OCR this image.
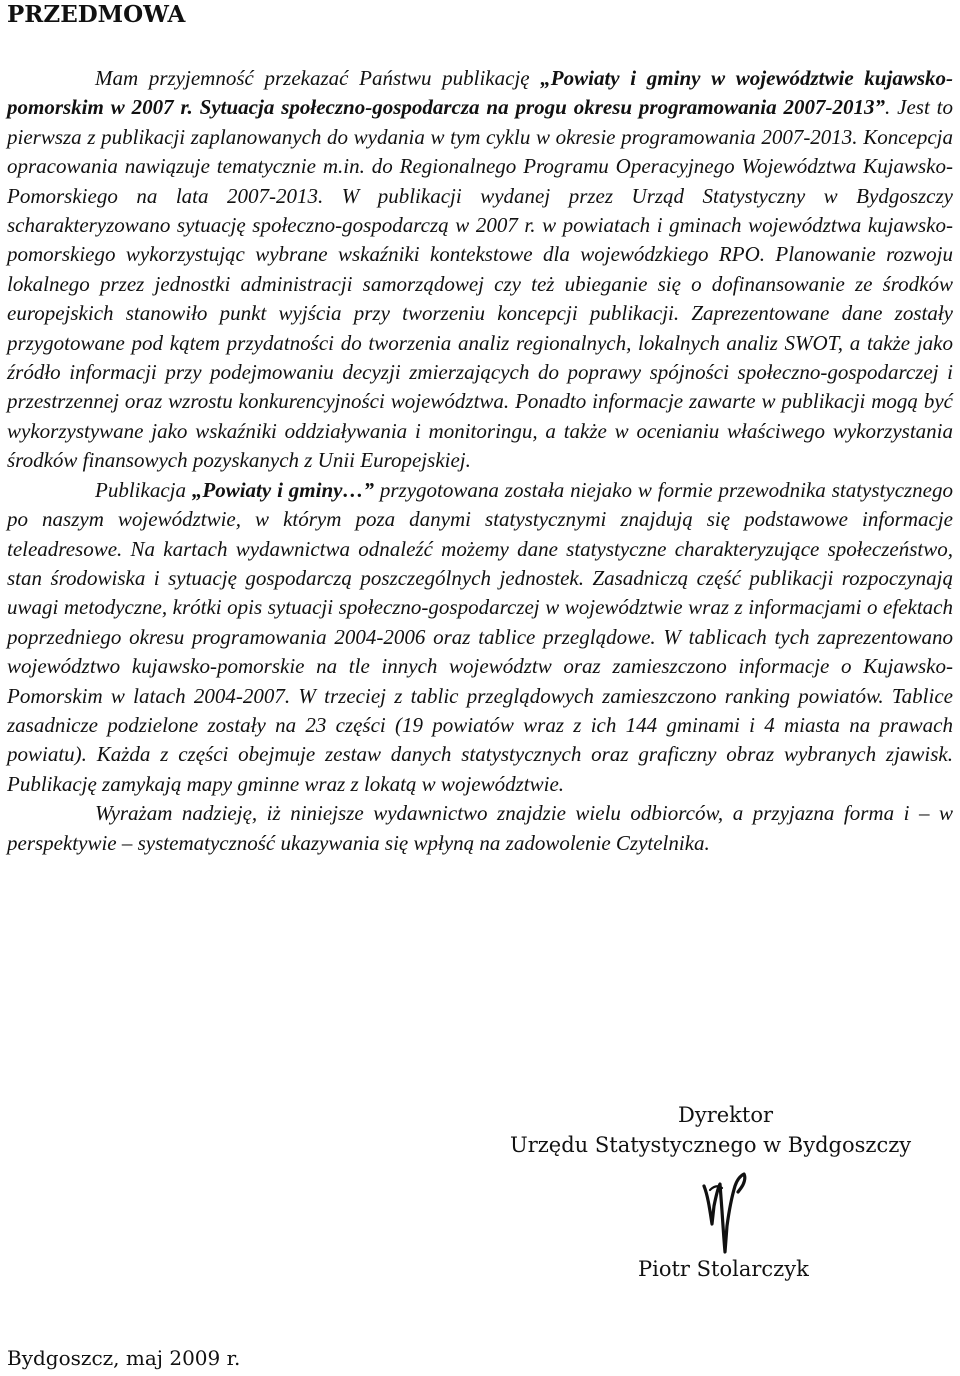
PRZEDMOWA

Mam przyjemność przekazać Państwu publikację „Powiaty i gminy w województwie kujawsko-pomorskim w 2007 r. Sytuacja społeczno-gospodarcza na progu okresu programowania 2007-2013”. Jest to pierwsza z publikacji zaplanowanych do wydania w tym cyklu w okresie programowania 2007-2013. Koncepcja opracowania nawiązuje tematycznie m.in. do Regionalnego Programu Operacyjnego Województwa Kujawsko-Pomorskiego na lata 2007-2013. W publikacji wydanej przez Urząd Statystyczny w Bydgoszczy scharakteryzowano sytuację społeczno-gospodarczą w 2007 r. w powiatach i gminach województwa kujawsko-pomorskiego wykorzystując wybrane wskaźniki kontekstowe dla wojewódzkiego RPO. Planowanie rozwoju lokalnego przez jednostki administracji samorządowej czy też ubieganie się o dofinansowanie ze środków europejskich stanowiło punkt wyjścia przy tworzeniu koncepcji publikacji. Zaprezentowane dane zostały przygotowane pod kątem przydatności do tworzenia analiz regionalnych, lokalnych analiz SWOT, a także jako źródło informacji przy podejmowaniu decyzji zmierzających do poprawy spójności społeczno-gospodarczej i przestrzennej oraz wzrostu konkurencyjności województwa. Ponadto informacje zawarte w publikacji mogą być wykorzystywane jako wskaźniki oddziaływania i monitoringu, a także w ocenianiu właściwego wykorzystania środków finansowych pozyskanych z Unii Europejskiej.

Publikacja „Powiaty i gminy…” przygotowana została niejako w formie przewodnika statystycznego po naszym województwie, w którym poza danymi statystycznymi znajdują się podstawowe informacje teleadresowe. Na kartach wydawnictwa odnaleźć możemy dane statystyczne charakteryzujące społeczeństwo, stan środowiska i sytuację gospodarczą poszczególnych jednostek. Zasadniczą część publikacji rozpoczynają uwagi metodyczne, krótki opis sytuacji społeczno-gospodarczej w województwie wraz z informacjami o efektach poprzedniego okresu programowania 2004-2006 oraz tablice przeglądowe. W tablicach tych zaprezentowano województwo kujawsko-pomorskie na tle innych województw oraz zamieszczono informacje o Kujawsko-Pomorskim w latach 2004-2007. W trzeciej z tablic przeglądowych zamieszczono ranking powiatów. Tablice zasadnicze podzielone zostały na 23 części (19 powiatów wraz z ich 144 gminami i 4 miasta na prawach powiatu). Każda z części obejmuje zestaw danych statystycznych oraz graficzny obraz wybranych zjawisk. Publikację zamykają mapy gminne wraz z lokatą w województwie.

Wyrażam nadzieję, iż niniejsze wydawnictwo znajdzie wielu odbiorców, a przyjazna forma i – w perspektywie – systematyczność ukazywania się wpłyną na zadowolenie Czytelnika.

Dyrektor
Urzędu Statystycznego w Bydgoszczy
Piotr Stolarczyk
Bydgoszcz, maj 2009 r.
